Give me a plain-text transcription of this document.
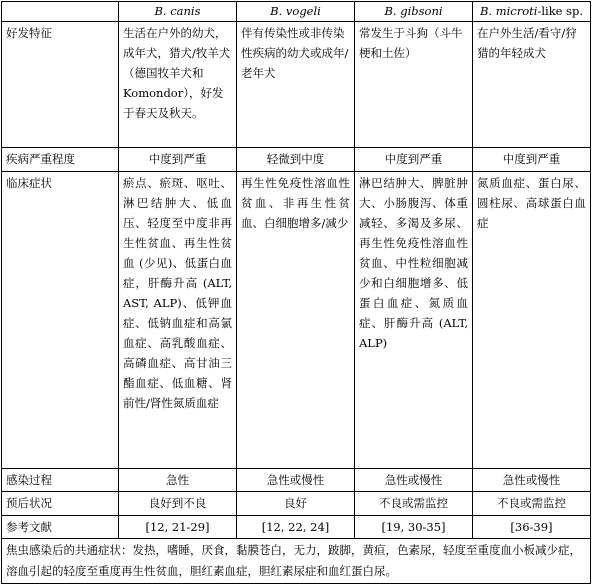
	B. canis	B. vogeli	B. gibsoni	B. microti-like sp.
好发特征	生活在户外的幼犬，成年犬，猎犬/牧羊犬（德国牧羊犬和 Komondor），好发于春天及秋天。	伴有传染性或非传染性疾病的幼犬或成年/老年犬	常发生于斗狗（斗牛梗和土佐）	在户外生活/看守/狩猎的年轻成犬
疾病严重程度	中度到严重	轻微到中度	中度到严重	中度到严重
临床症状	瘀点、瘀斑、呕吐、淋巴结肿大、低血压、轻度至中度非再生性贫血、再生性贫血 (少见)、低蛋白血症，肝酶升高 (ALT, AST, ALP)、低钾血症、低钠血症和高氯血症、高乳酸血症、高磷血症、高甘油三酯血症、低血糖、肾前性/肾性氮质血症	再生性免疫性溶血性贫血、非再生性贫血、白细胞增多/减少	淋巴结肿大、脾脏肿大、小肠腹泻、体重减轻、多渴及多尿、再生性免疫性溶血性贫血、中性粒细胞减少和白细胞增多、低蛋白血症、氮质血症、肝酶升高 (ALT, ALP)	氮质血症、蛋白尿、圆柱尿、高球蛋白血症
感染过程	急性	急性或慢性	急性或慢性	急性或慢性
预后状况	良好到不良	良好	不良或需监控	不良或需监控
参考文献	[12, 21-29]	[12, 22, 24]	[19, 30-35]	[36-39]
焦虫感染后的共通症状：发热，嗜睡，厌食，黏膜苍白，无力，跛脚，黄疸，色素尿，轻度至重度血小板减少症，溶血引起的轻度至重度再生性贫血，胆红素血症，胆红素尿症和血红蛋白尿。				
